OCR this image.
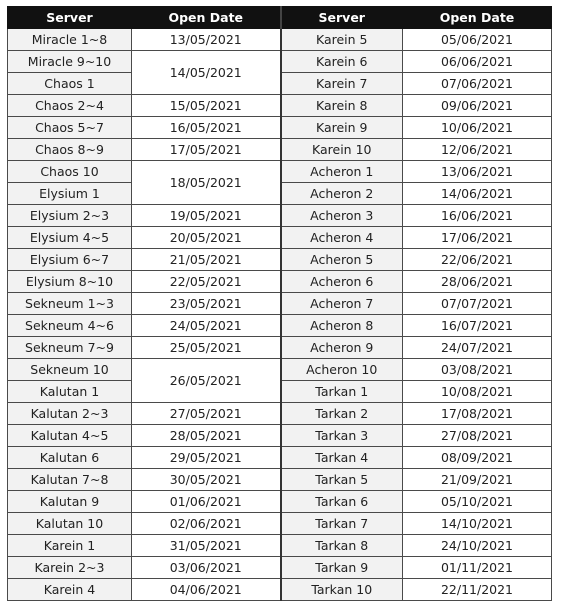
Server	Open Date	Server	Open Date
Miracle 1~8	13/05/2021	Karein 5	05/06/2021
Miracle 9~10	14/05/2021	Karein 6	06/06/2021
Chaos 1		Karein 7	07/06/2021
Chaos 2~4	15/05/2021	Karein 8	09/06/2021
Chaos 5~7	16/05/2021	Karein 9	10/06/2021
Chaos 8~9	17/05/2021	Karein 10	12/06/2021
Chaos 10	18/05/2021	Acheron 1	13/06/2021
Elysium 1		Acheron 2	14/06/2021
Elysium 2~3	19/05/2021	Acheron 3	16/06/2021
Elysium 4~5	20/05/2021	Acheron 4	17/06/2021
Elysium 6~7	21/05/2021	Acheron 5	22/06/2021
Elysium 8~10	22/05/2021	Acheron 6	28/06/2021
Sekneum 1~3	23/05/2021	Acheron 7	07/07/2021
Sekneum 4~6	24/05/2021	Acheron 8	16/07/2021
Sekneum 7~9	25/05/2021	Acheron 9	24/07/2021
Sekneum 10	26/05/2021	Acheron 10	03/08/2021
Kalutan 1		Tarkan 1	10/08/2021
Kalutan 2~3	27/05/2021	Tarkan 2	17/08/2021
Kalutan 4~5	28/05/2021	Tarkan 3	27/08/2021
Kalutan 6	29/05/2021	Tarkan 4	08/09/2021
Kalutan 7~8	30/05/2021	Tarkan 5	21/09/2021
Kalutan 9	01/06/2021	Tarkan 6	05/10/2021
Kalutan 10	02/06/2021	Tarkan 7	14/10/2021
Karein 1	31/05/2021	Tarkan 8	24/10/2021
Karein 2~3	03/06/2021	Tarkan 9	01/11/2021
Karein 4	04/06/2021	Tarkan 10	22/11/2021
